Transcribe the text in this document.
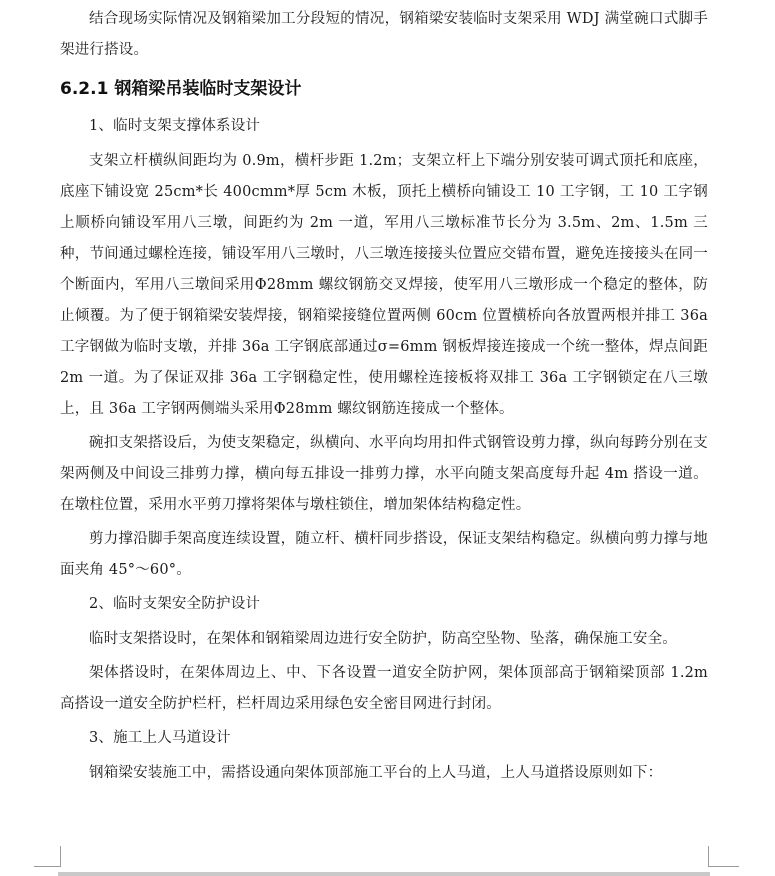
结合现场实际情况及钢箱梁加工分段短的情况，钢箱梁安装临时支架采用 WDJ 满堂碗口式脚手架进行搭设。

6.2.1 钢箱梁吊装临时支架设计

1、临时支架支撑体系设计

支架立杆横纵间距均为 0.9m，横杆步距 1.2m；支架立杆上下端分别安装可调式顶托和底座，底座下铺设宽 25cm*长 400cmm*厚 5cm 木板，顶托上横桥向铺设工 10 工字钢，工 10 工字钢上顺桥向铺设军用八三墩，间距约为 2m 一道，军用八三墩标准节长分为 3.5m、2m、1.5m 三种，节间通过螺栓连接，铺设军用八三墩时，八三墩连接接头位置应交错布置，避免连接接头在同一个断面内，军用八三墩间采用Φ28mm 螺纹钢筋交叉焊接，使军用八三墩形成一个稳定的整体，防止倾覆。为了便于钢箱梁安装焊接，钢箱梁接缝位置两侧 60cm 位置横桥向各放置两根并排工 36a 工字钢做为临时支墩，并排 36a 工字钢底部通过σ=6mm 钢板焊接连接成一个统一整体，焊点间距 2m 一道。为了保证双排 36a 工字钢稳定性，使用螺栓连接板将双排工 36a 工字钢锁定在八三墩上，且 36a 工字钢两侧端头采用Φ28mm 螺纹钢筋连接成一个整体。

碗扣支架搭设后，为使支架稳定，纵横向、水平向均用扣件式钢管设剪力撑，纵向每跨分别在支架两侧及中间设三排剪力撑，横向每五排设一排剪力撑，水平向随支架高度每升起 4m 搭设一道。在墩柱位置，采用水平剪刀撑将架体与墩柱锁住，增加架体结构稳定性。

剪力撑沿脚手架高度连续设置，随立杆、横杆同步搭设，保证支架结构稳定。纵横向剪力撑与地面夹角 45°～60°。

2、临时支架安全防护设计

临时支架搭设时，在架体和钢箱梁周边进行安全防护，防高空坠物、坠落，确保施工安全。

架体搭设时，在架体周边上、中、下各设置一道安全防护网，架体顶部高于钢箱梁顶部 1.2m 高搭设一道安全防护栏杆，栏杆周边采用绿色安全密目网进行封闭。

3、施工上人马道设计

钢箱梁安装施工中，需搭设通向架体顶部施工平台的上人马道，上人马道搭设原则如下：
